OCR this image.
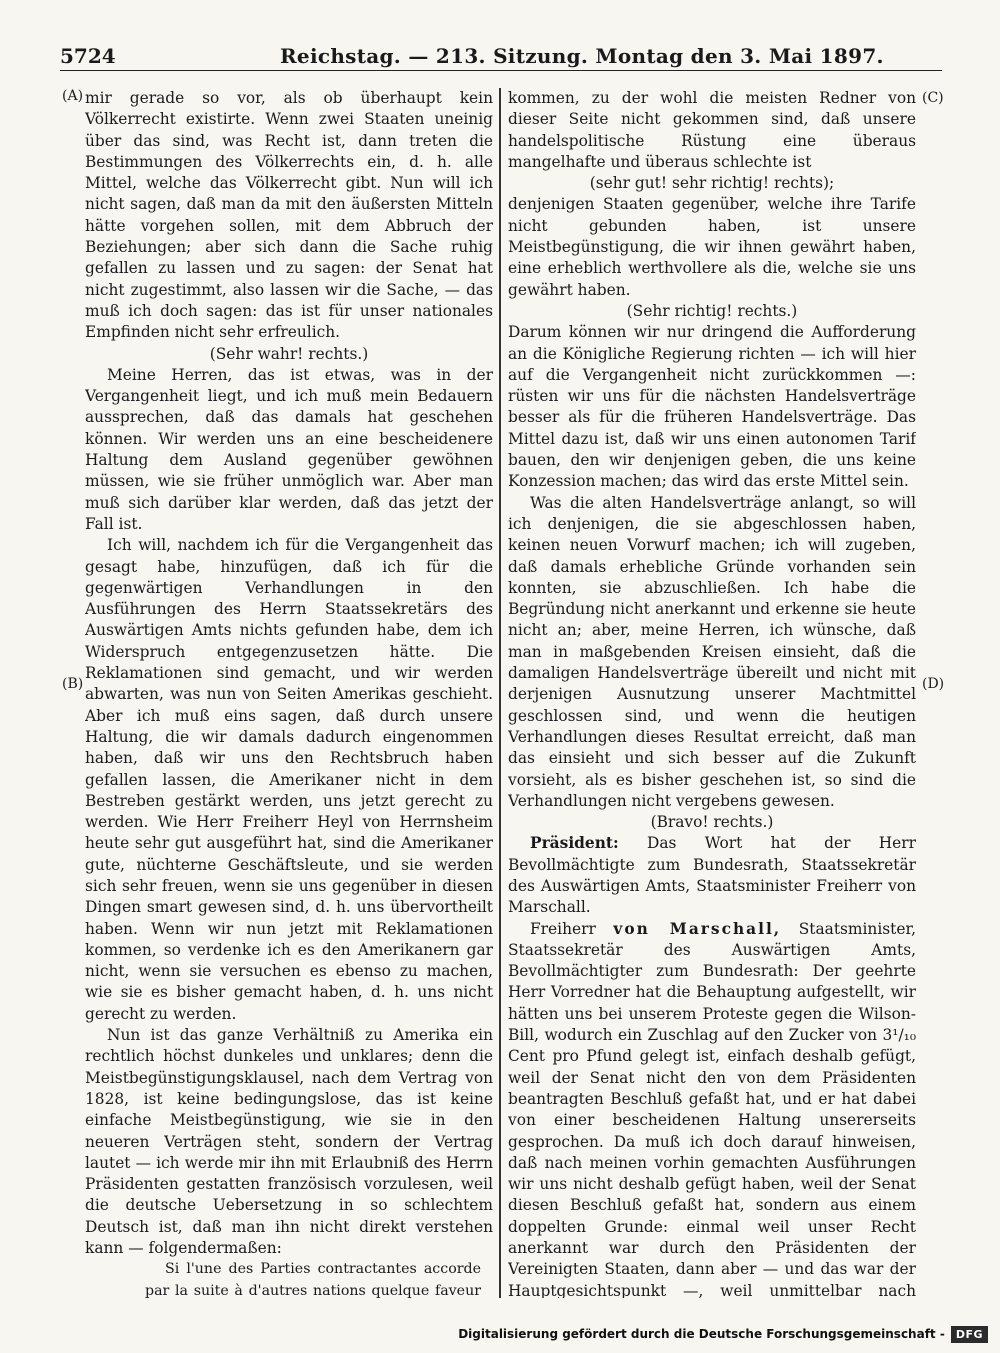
5724	Reichstag. — 213. Sitzung. Montag den 3. Mai 1897.
(A)
(B)
(C)
(D)

mir gerade so vor, als ob überhaupt kein Völkerrecht existirte. Wenn zwei Staaten uneinig über das sind, was Recht ist, dann treten die Bestimmungen des Völkerrechts ein, d. h. alle Mittel, welche das Völkerrecht gibt. Nun will ich nicht sagen, daß man da mit den äußersten Mitteln hätte vorgehen sollen, mit dem Abbruch der Beziehungen; aber sich dann die Sache ruhig gefallen zu lassen und zu sagen: der Senat hat nicht zugestimmt, also lassen wir die Sache, — das muß ich doch sagen: das ist für unser nationales Empfinden nicht sehr erfreulich.

(Sehr wahr! rechts.)

Meine Herren, das ist etwas, was in der Vergangenheit liegt, und ich muß mein Bedauern aussprechen, daß das damals hat geschehen können. Wir werden uns an eine bescheidenere Haltung dem Ausland gegenüber gewöhnen müssen, wie sie früher unmöglich war. Aber man muß sich darüber klar werden, daß das jetzt der Fall ist.

Ich will, nachdem ich für die Vergangenheit das gesagt habe, hinzufügen, daß ich für die gegenwärtigen Verhandlungen in den Ausführungen des Herrn Staatssekretärs des Auswärtigen Amts nichts gefunden habe, dem ich Widerspruch entgegenzusetzen hätte. Die Reklamationen sind gemacht, und wir werden abwarten, was nun von Seiten Amerikas geschieht. Aber ich muß eins sagen, daß durch unsere Haltung, die wir damals dadurch eingenommen haben, daß wir uns den Rechtsbruch haben gefallen lassen, die Amerikaner nicht in dem Bestreben gestärkt werden, uns jetzt gerecht zu werden. Wie Herr Freiherr Heyl von Herrnsheim heute sehr gut ausgeführt hat, sind die Amerikaner gute, nüchterne Geschäftsleute, und sie werden sich sehr freuen, wenn sie uns gegenüber in diesen Dingen smart gewesen sind, d. h. uns übervortheilt haben. Wenn wir nun jetzt mit Reklamationen kommen, so verdenke ich es den Amerikanern gar nicht, wenn sie versuchen es ebenso zu machen, wie sie es bisher gemacht haben, d. h. uns nicht gerecht zu werden.

Nun ist das ganze Verhältniß zu Amerika ein rechtlich höchst dunkeles und unklares; denn die Meistbegünstigungsklausel, nach dem Vertrag von 1828, ist keine bedingungslose, das ist keine einfache Meistbegünstigung, wie sie in den neueren Verträgen steht, sondern der Vertrag lautet — ich werde mir ihn mit Erlaubniß des Herrn Präsidenten gestatten französisch vorzulesen, weil die deutsche Uebersetzung in so schlechtem Deutsch ist, daß man ihn nicht direkt verstehen kann — folgendermaßen:

Si l'une des Parties contractantes accorde par la suite à d'autres nations quelque faveur

kommen, zu der wohl die meisten Redner von dieser Seite nicht gekommen sind, daß unsere handelspolitische Rüstung eine überaus mangelhafte und überaus schlechte ist

(sehr gut! sehr richtig! rechts);

denjenigen Staaten gegenüber, welche ihre Tarife nicht gebunden haben, ist unsere Meistbegünstigung, die wir ihnen gewährt haben, eine erheblich werthvollere als die, welche sie uns gewährt haben.

(Sehr richtig! rechts.)

Darum können wir nur dringend die Aufforderung an die Königliche Regierung richten — ich will hier auf die Vergangenheit nicht zurückkommen —: rüsten wir uns für die nächsten Handelsverträge besser als für die früheren Handelsverträge. Das Mittel dazu ist, daß wir uns einen autonomen Tarif bauen, den wir denjenigen geben, die uns keine Konzession machen; das wird das erste Mittel sein.

Was die alten Handelsverträge anlangt, so will ich denjenigen, die sie abgeschlossen haben, keinen neuen Vorwurf machen; ich will zugeben, daß damals erhebliche Gründe vorhanden sein konnten, sie abzuschließen. Ich habe die Begründung nicht anerkannt und erkenne sie heute nicht an; aber, meine Herren, ich wünsche, daß man in maßgebenden Kreisen einsieht, daß die damaligen Handelsverträge übereilt und nicht mit derjenigen Ausnutzung unserer Machtmittel geschlossen sind, und wenn die heutigen Verhandlungen dieses Resultat erreicht, daß man das einsieht und sich besser auf die Zukunft vorsieht, als es bisher geschehen ist, so sind die Verhandlungen nicht vergebens gewesen.

(Bravo! rechts.)

Präsident: Das Wort hat der Herr Bevollmächtigte zum Bundesrath, Staatssekretär des Auswärtigen Amts, Staatsminister Freiherr von Marschall.

Freiherr von Marschall, Staatsminister, Staatssekretär des Auswärtigen Amts, Bevollmächtigter zum Bundesrath: Der geehrte Herr Vorredner hat die Behauptung aufgestellt, wir hätten uns bei unserem Proteste gegen die Wilson-Bill, wodurch ein Zuschlag auf den Zucker von 3¹/₁₀ Cent pro Pfund gelegt ist, einfach deshalb gefügt, weil der Senat nicht den von dem Präsidenten beantragten Beschluß gefaßt hat, und er hat dabei von einer bescheidenen Haltung unsererseits gesprochen. Da muß ich doch darauf hinweisen, daß nach meinen vorhin gemachten Ausführungen wir uns nicht deshalb gefügt haben, weil der Senat diesen Beschluß gefaßt hat, sondern aus einem doppelten Grunde: einmal weil unser Recht anerkannt war durch den Präsidenten der Vereinigten Staaten, dann aber — und das war der Hauptgesichtspunkt —, weil unmittelbar nach

Digitalisierung gefördert durch die Deutsche Forschungsgemeinschaft -	DFG
